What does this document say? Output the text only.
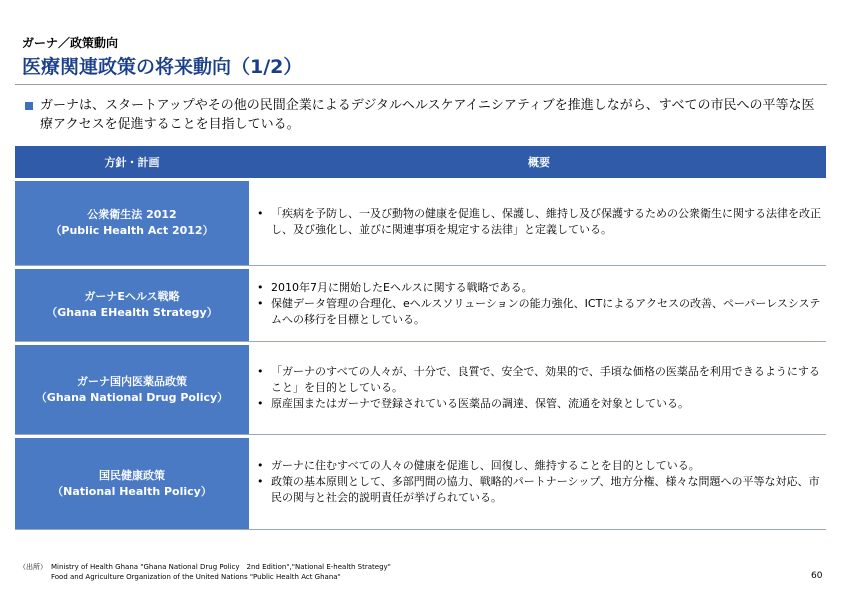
ガーナ／政策動向
医療関連政策の将来動向（1/2）
ガーナは、スタートアップやその他の民間企業によるデジタルヘルスケアイニシアティブを推進しながら、すべての市民への平等な医療アクセスを促進することを目指している。
方針・計画	概要
公衆衛生法 2012
（Public Health Act 2012）
• 「疾病を予防し、一及び動物の健康を促進し、保護し、維持し及び保護するための公衆衛生に関する法律を改正し、及び強化し、並びに関連事項を規定する法律」と定義している。
ガーナEヘルス戦略
（Ghana EHealth Strategy）
• 2010年7月に開始したEヘルスに関する戦略である。
• 保健データ管理の合理化、eヘルスソリューションの能力強化、ICTによるアクセスの改善、ペーパーレスシステムへの移行を目標としている。
ガーナ国内医薬品政策
（Ghana National Drug Policy）
• 「ガーナのすべての人々が、十分で、良質で、安全で、効果的で、手頃な価格の医薬品を利用できるようにすること」を目的としている。
• 原産国またはガーナで登録されている医薬品の調達、保管、流通を対象としている。
国民健康政策
（National Health Policy）
• ガーナに住むすべての人々の健康を促進し、回復し、維持することを目的としている。
• 政策の基本原則として、多部門間の協力、戦略的パートナーシップ、地方分権、様々な問題への平等な対応、市民の関与と社会的説明責任が挙げられている。
（出所） Ministry of Health Ghana "Ghana National Drug Policy　2nd Edition","National E-health Strategy"
Food and Agriculture Organization of the United Nations "Public Health Act Ghana"	60
